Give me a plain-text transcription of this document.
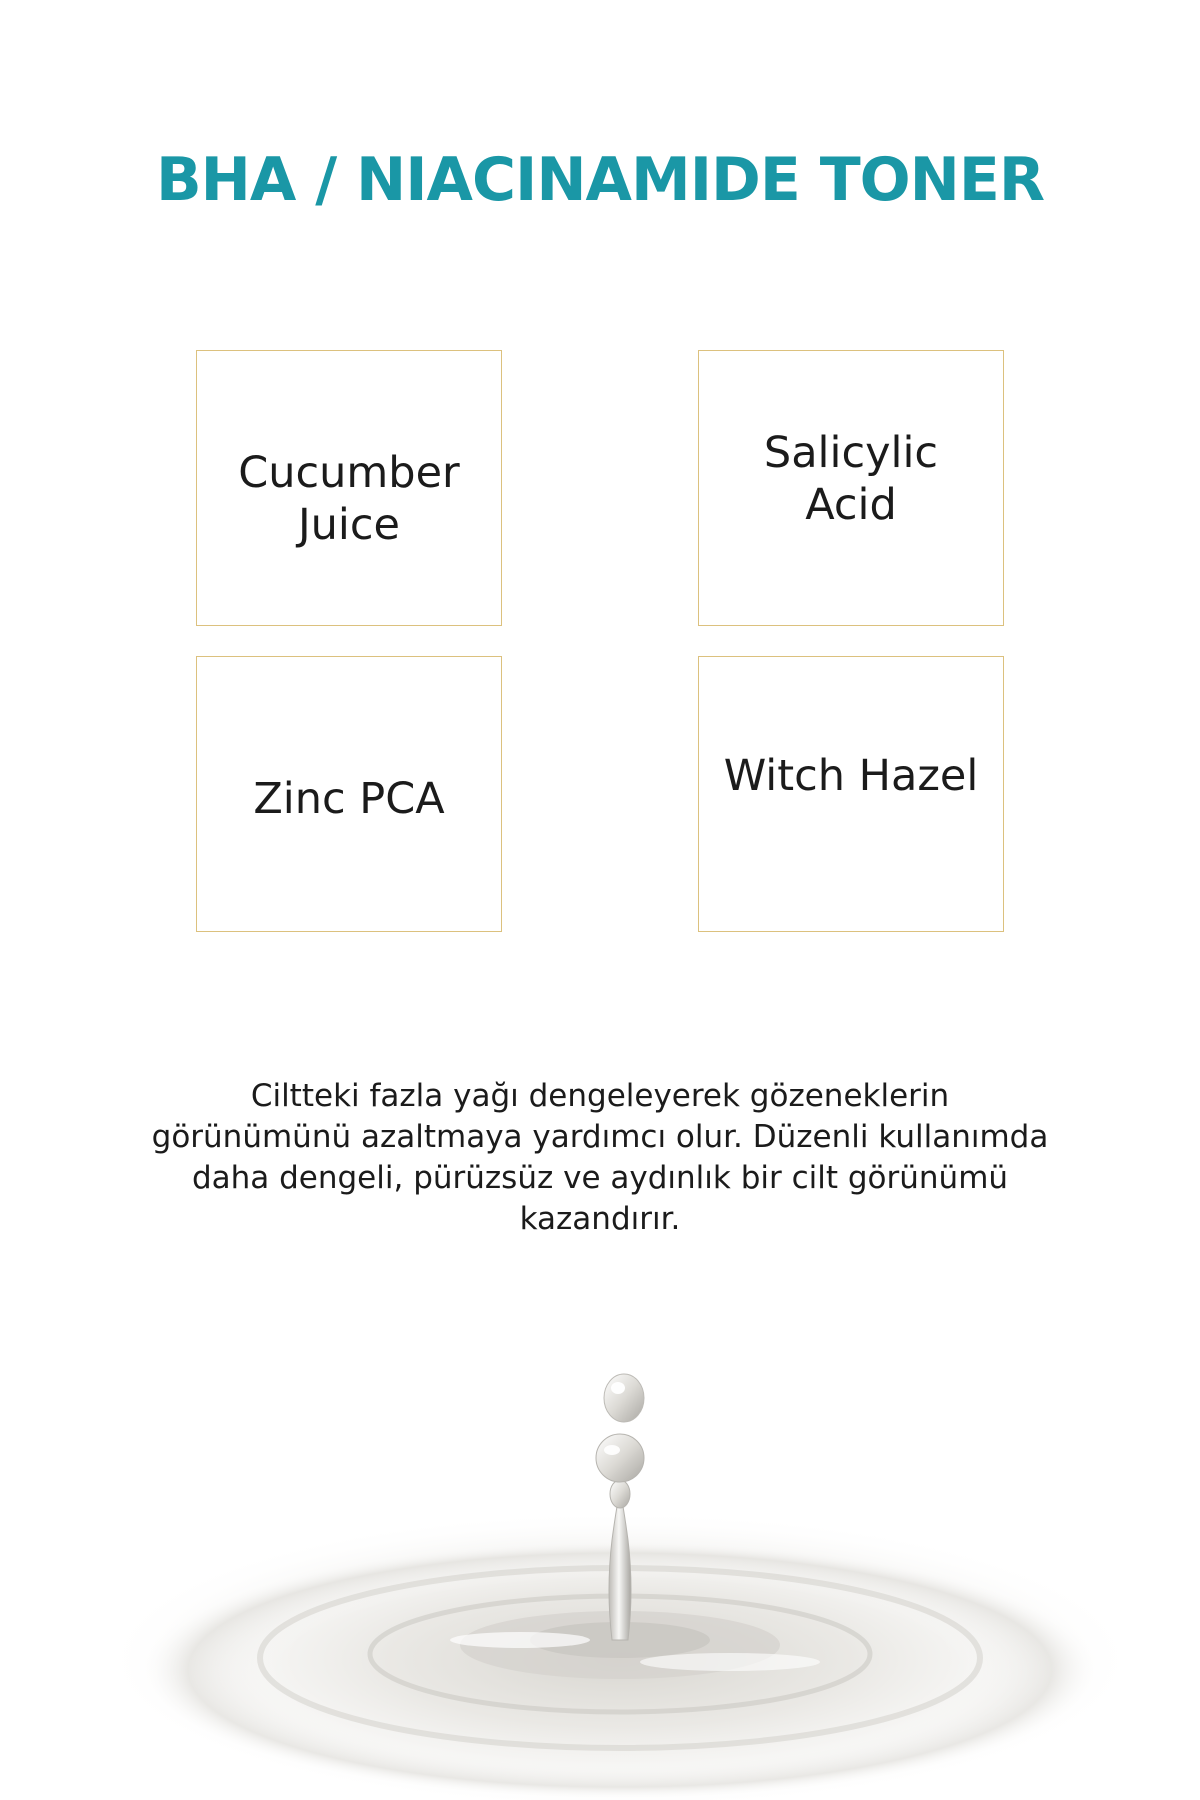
BHA / NIACINAMIDE TONER
Cucumber
Juice
Salicylic
Acid
Zinc PCA	Witch Hazel

Ciltteki fazla yağı dengeleyerek gözeneklerin görünümünü azaltmaya yardımcı olur. Düzenli kullanımda daha dengeli, pürüzsüz ve aydınlık bir cilt görünümü kazandırır.
